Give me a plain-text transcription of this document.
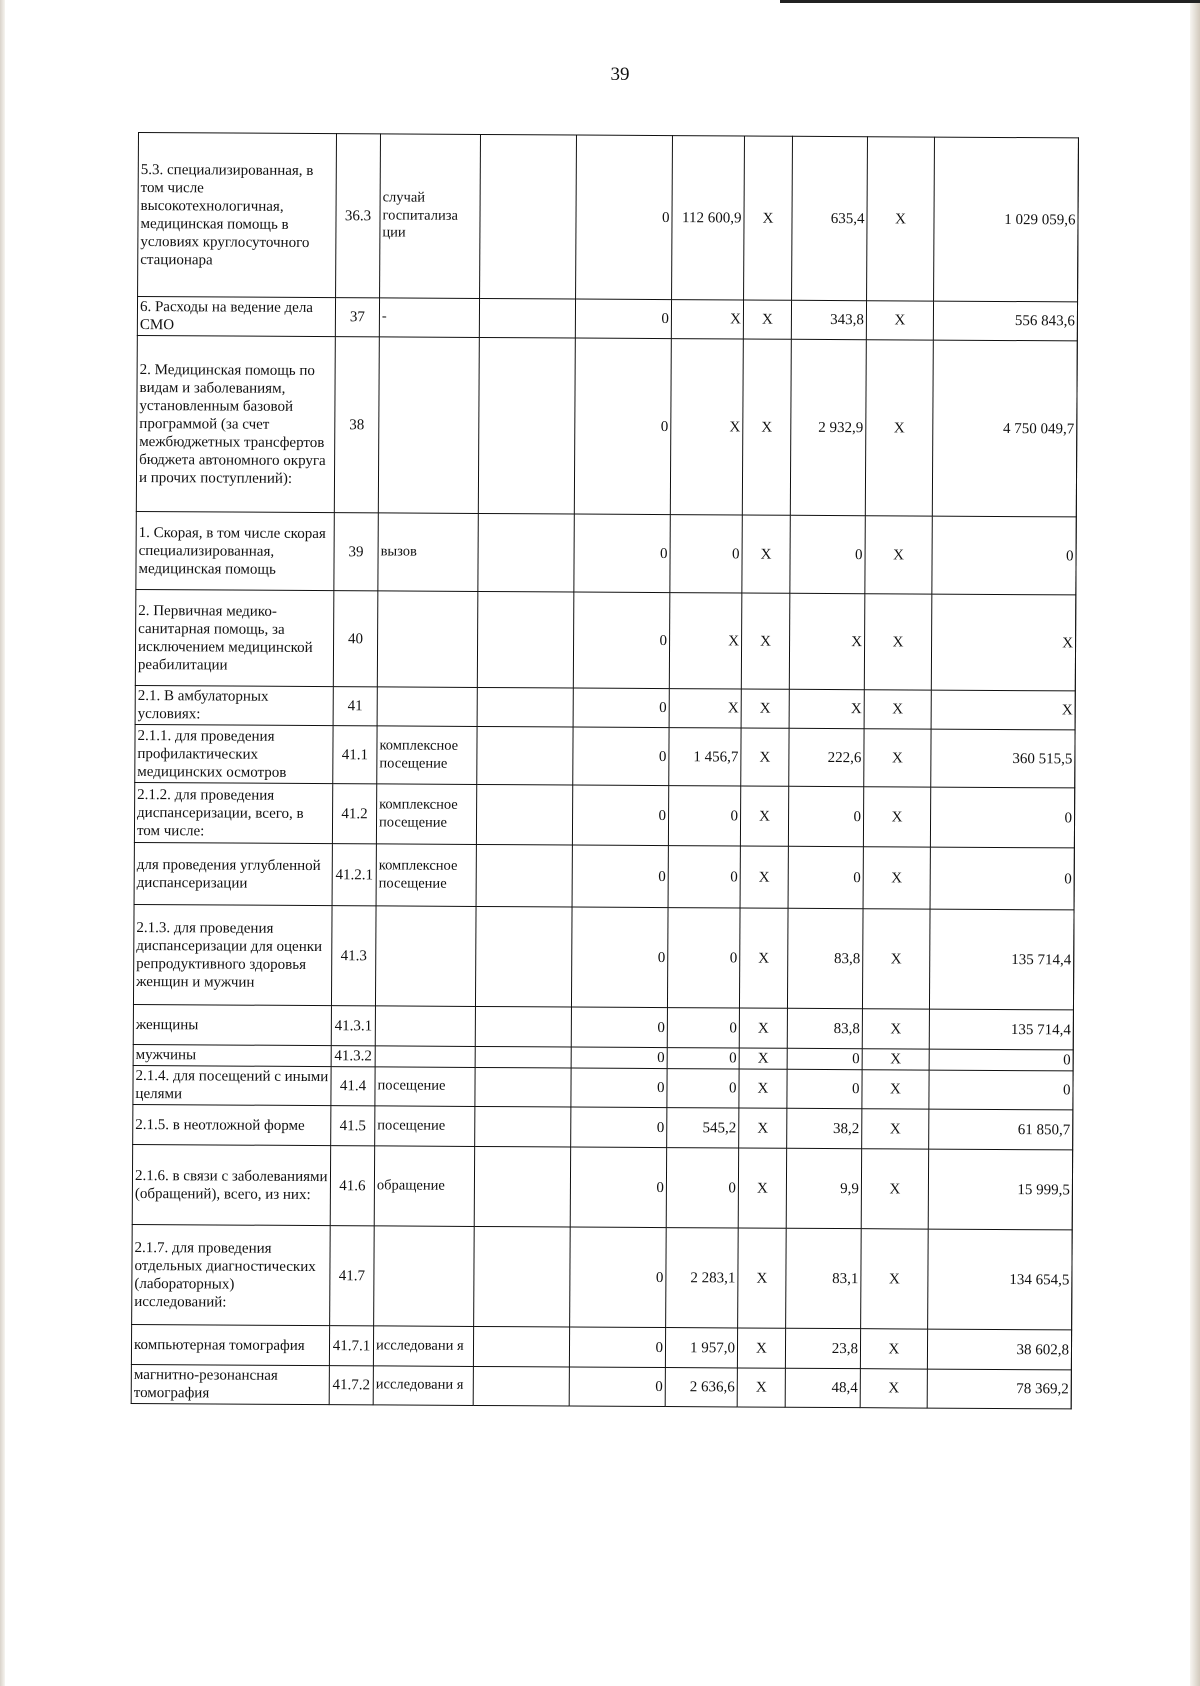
39
5.3. специализированная, в том числе высокотехнологичная, медицинская помощь в условиях круглосуточного стационара	36.3	случай госпитализа ции		0	112 600,9	Х	635,4	Х	1 029 059,6	
6. Расходы на ведение дела СМО	37	-		0	Х	Х	343,8	Х	556 843,6	
2. Медицинская помощь по видам и заболеваниям, установленным базовой программой (за счет межбюджетных трансфертов бюджета автономного округа и прочих поступлений):	38			0	Х	Х	2 932,9	Х	4 750 049,7	
1. Скорая, в том числе скорая специализированная, медицинская помощь	39	вызов		0	0	Х	0	Х	0	
2. Первичная медико-санитарная помощь, за исключением медицинской реабилитации	40			0	Х	Х	Х	Х	Х	
2.1. В амбулаторных условиях:	41			0	Х	Х	Х	Х	Х	
2.1.1. для проведения профилактических медицинских осмотров	41.1	комплексное посещение		0	1 456,7	Х	222,6	Х	360 515,5	
2.1.2. для проведения диспансеризации, всего, в том числе:	41.2	комплексное посещение		0	0	Х	0	Х	0	
для проведения углубленной диспансеризации	41.2.1	комплексное посещение		0	0	Х	0	Х	0	
2.1.3. для проведения диспансеризации для оценки репродуктивного здоровья женщин и мужчин	41.3			0	0	Х	83,8	Х	135 714,4	
женщины	41.3.1			0	0	Х	83,8	Х	135 714,4	
мужчины	41.3.2			0	0	Х	0	Х	0	
2.1.4. для посещений с иными целями	41.4	посещение		0	0	Х	0	Х	0	
2.1.5. в неотложной форме	41.5	посещение		0	545,2	Х	38,2	Х	61 850,7	
2.1.6. в связи с заболеваниями (обращений), всего, из них:	41.6	обращение		0	0	Х	9,9	Х	15 999,5	
2.1.7. для проведения отдельных диагностических (лабораторных) исследований:	41.7			0	2 283,1	Х	83,1	Х	134 654,5	
компьютерная томография	41.7.1	исследовани я		0	1 957,0	Х	23,8	Х	38 602,8	
магнитно-резонансная томография	41.7.2	исследовани я		0	2 636,6	Х	48,4	Х	78 369,2	
